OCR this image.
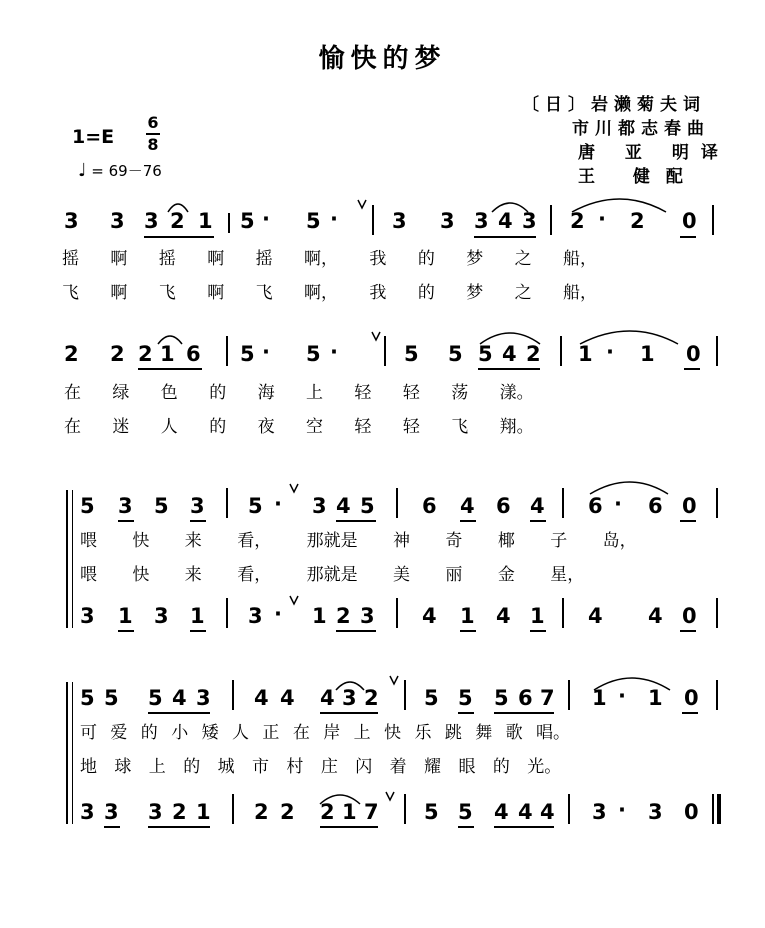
愉快的梦
〔日〕岩濑菊夫词
市川都志春曲
唐 亚 明译
王 健配
1=E
6
8
♩ = 69－76
3 3 3 2 1 5 · 5 ·	3 3 3 4 3 2 · 2 0
摇 啊 摇 啊 摇 啊， 我 的 梦 之 船，
飞 啊 飞 啊 飞 啊， 我 的 梦 之 船，
2 2 2 1 6 5 · 5 ·	5 5 5 4 2 1 · 1 0
在 绿 色 的 海 上 轻 轻 荡 漾。
在 迷 人 的 夜 空 轻 轻 飞 翔。
5 3 5 3 5 · 3 4 5 6 4 6 4 6 · 6 0
喂 快 来 看， 那就是 神 奇 椰 子 岛，
喂 快 来 看， 那就是 美 丽 金 星，
3 1 3 1 3 · 1 2 3 4 1 4 1 4 4 0
5 5 5 4 3 4 4 4 3 2 5 5 5 6 7 1 · 1 0
可 爱 的 小 矮 人 正 在 岸 上 快 乐 跳 舞 歌 唱。
地 球 上 的 城 市 村 庄 闪 着 耀 眼 的 光。
3 3 3 2 1 2 2 2 1 7 5 5 4 4 4 3 · 3 0
